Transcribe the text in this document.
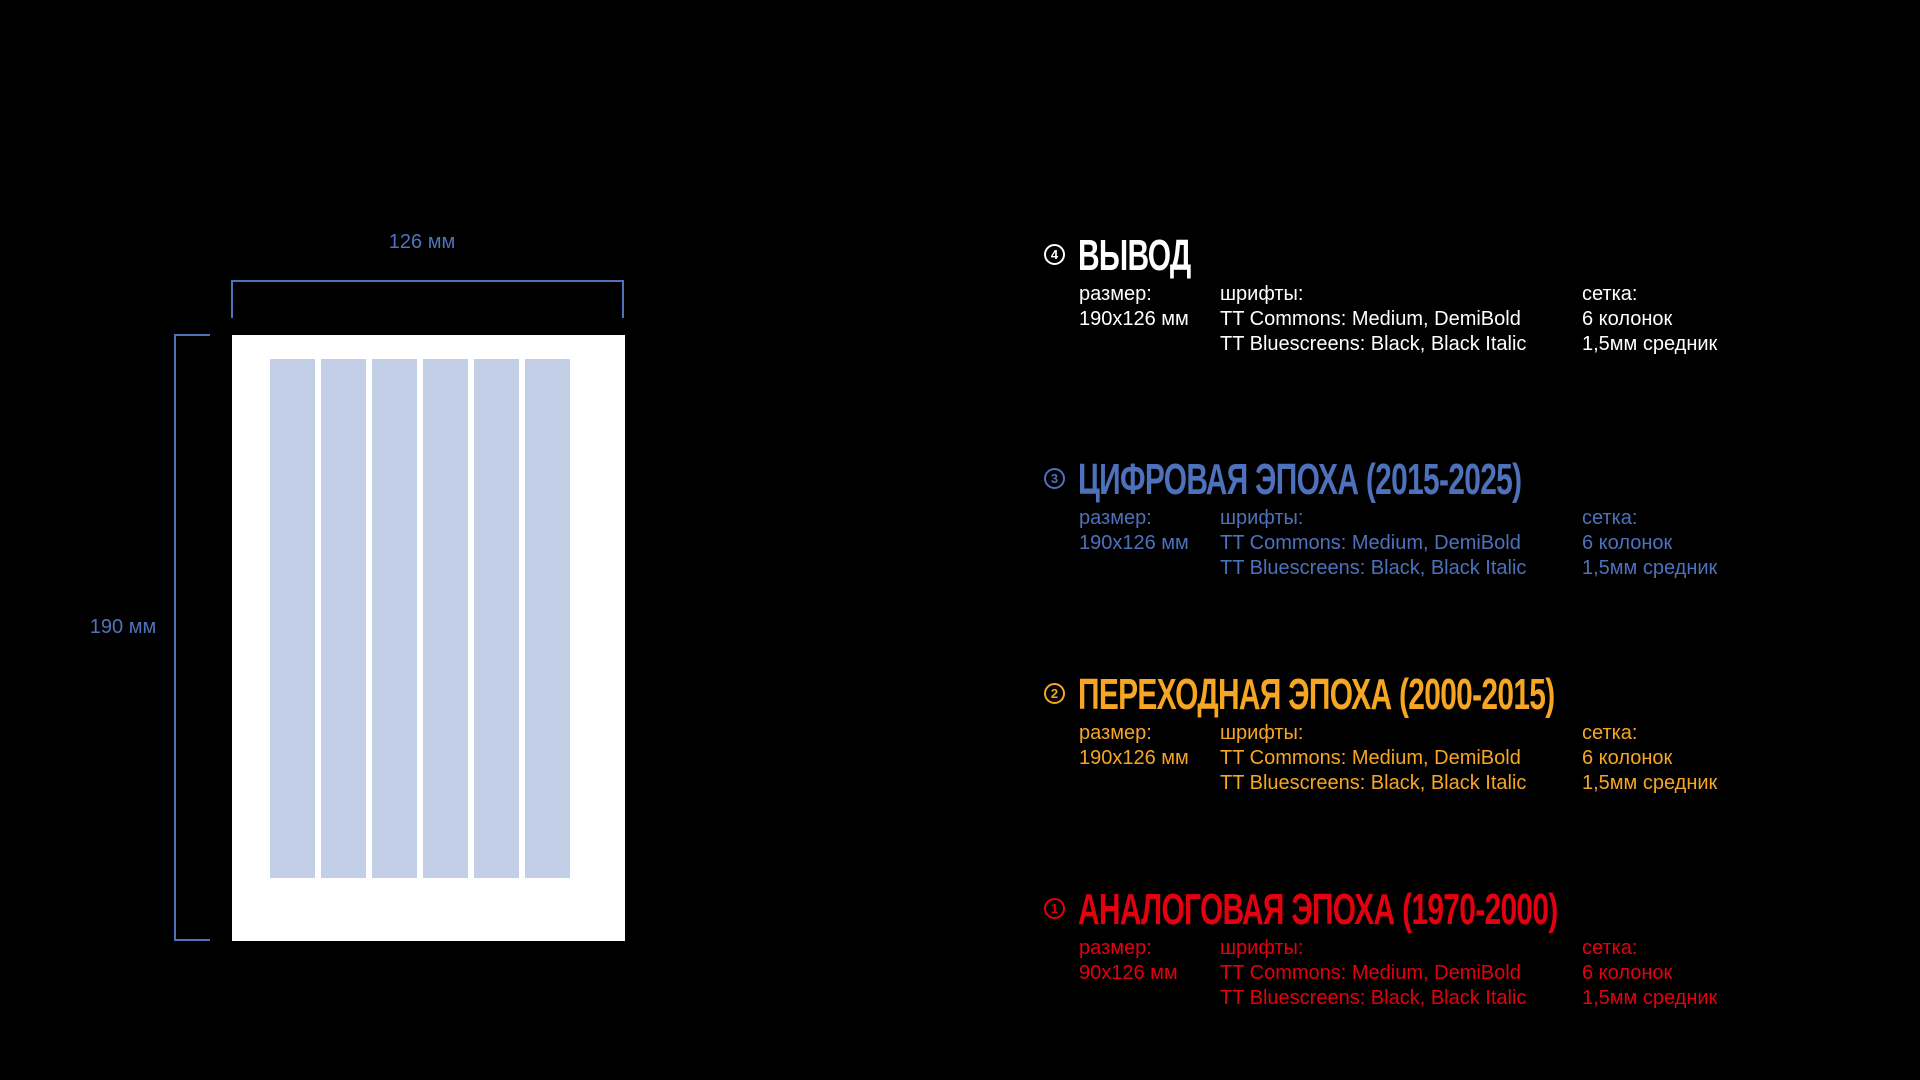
126 мм
190 мм
4 ВЫВОД
размер:
190x126 мм
шрифты:
TT Commons: Medium, DemiBold
TT Bluescreens: Black, Black Italic
сетка:
6 колонок
1,5мм средник
3 ЦИФРОВАЯ ЭПОХА (2015-2025)
размер:
190x126 мм
шрифты:
TT Commons: Medium, DemiBold
TT Bluescreens: Black, Black Italic
сетка:
6 колонок
1,5мм средник
2 ПЕРЕХОДНАЯ ЭПОХА (2000-2015)
размер:
190x126 мм
шрифты:
TT Commons: Medium, DemiBold
TT Bluescreens: Black, Black Italic
сетка:
6 колонок
1,5мм средник
1 АНАЛОГОВАЯ ЭПОХА (1970-2000)
размер:
90x126 мм
шрифты:
TT Commons: Medium, DemiBold
TT Bluescreens: Black, Black Italic
сетка:
6 колонок
1,5мм средник
